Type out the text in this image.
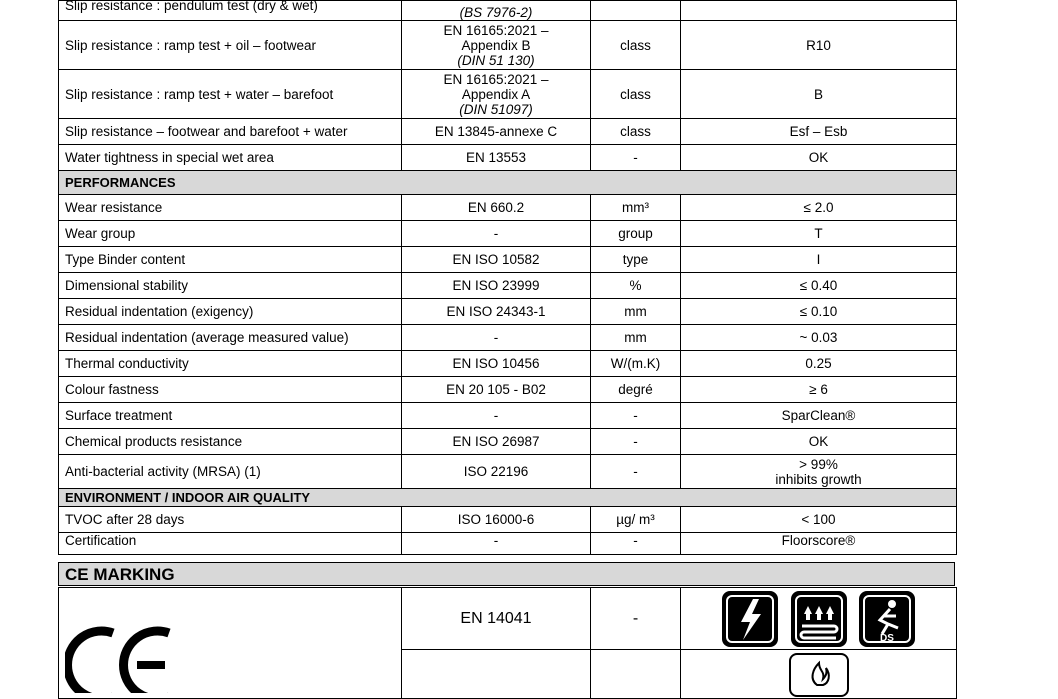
Slip resistance : pendulum test (dry & wet)	(BS 7976-2)		

Slip resistance : ramp test + oil – footwear	EN 16165:2021 –
Appendix B
(DIN 51 130)	class	R10
Slip resistance : ramp test + water – barefoot	EN 16165:2021 –
Appendix A
(DIN 51097)	class	B
Slip resistance – footwear and barefoot + water	EN 13845-annexe C	class	Esf – Esb
Water tightness in special wet area	EN 13553	-	OK
PERFORMANCES			
Wear resistance	EN 660.2	mm³	≤ 2.0
Wear group	-	group	T
Type Binder content	EN ISO 10582	type	I
Dimensional stability	EN ISO 23999	%	≤ 0.40
Residual indentation (exigency)	EN ISO 24343-1	mm	≤ 0.10
Residual indentation (average measured value)	-	mm	~ 0.03
Thermal conductivity	EN ISO 10456	W/(m.K)	0.25
Colour fastness	EN 20 105 - B02	degré	≥ 6
Surface treatment	-	-	SparClean®
Chemical products resistance	EN ISO 26987	-	OK
Anti-bacterial activity (MRSA) (1)	ISO 22196	-	> 99%
inhibits growth

ENVIRONMENT / INDOOR AIR QUALITY			
TVOC after 28 days	ISO 16000-6	µg/ m³	< 100
Certification	-	-	Floorscore®
CE MARKING
	EN 14041	-	DS
